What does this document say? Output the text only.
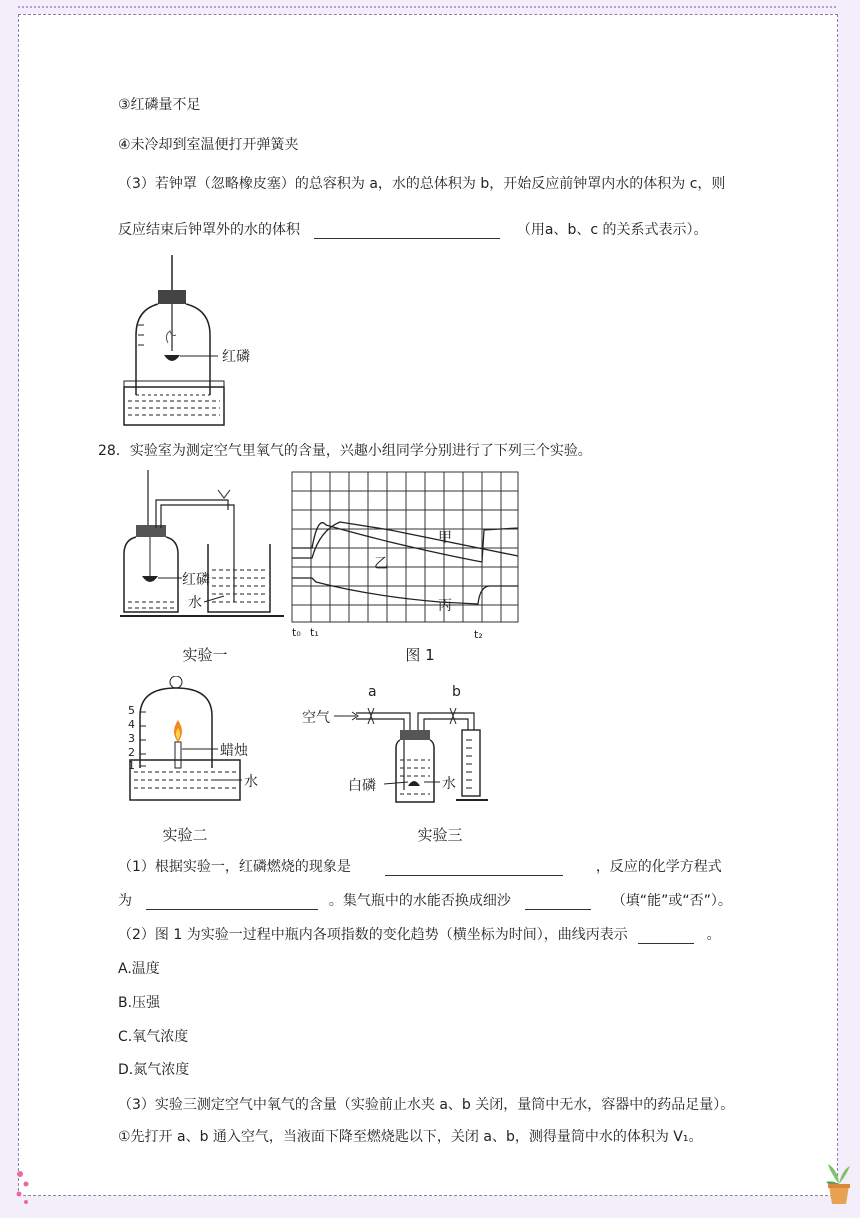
③红磷量不足
④未冷却到室温便打开弹簧夹
（3）若钟罩（忽略橡皮塞）的总容积为 a，水的总体积为 b，开始反应前钟罩内水的体积为 c，则
反应结束后钟罩外的水的体积	（用a、b、c 的关系式表示）。
红磷
28．实验室为测定空气里氧气的含量，兴趣小组同学分别进行了下列三个实验。
红磷
水
实验一
甲
乙
丙
t₀ t₁	t₂
图 1
5
4
3
2
1
蜡烛
水
实验二
空气
a	b
白磷	水
实验三
（1）根据实验一，红磷燃烧的现象是	，反应的化学方程式
为	。集气瓶中的水能否换成细沙	（填“能”或“否”）。
（2）图 1 为实验一过程中瓶内各项指数的变化趋势（横坐标为时间），曲线丙表示	。
A.温度
B.压强
C.氧气浓度
D.氮气浓度
（3）实验三测定空气中氧气的含量（实验前止水夹 a、b 关闭，量筒中无水，容器中的药品足量）。
①先打开 a、b 通入空气，当液面下降至燃烧匙以下，关闭 a、b，测得量筒中水的体积为 V₁。
